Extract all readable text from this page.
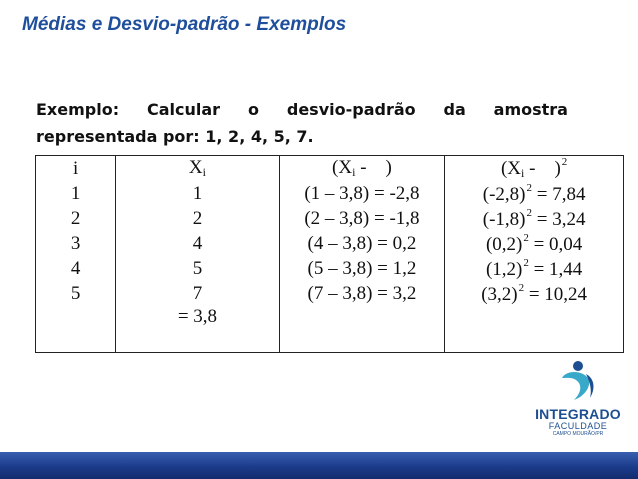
Médias e Desvio-padrão - Exemplos
Exemplo: Calcular o desvio-padrão da amostra
representada por: 1, 2, 4, 5, 7.
i	Xi	(Xi -    )	(Xi -    )$^2$
1	1	(1 – 3,8) = -2,8	$(-2,8)^2 = 7,84$
2	2	(2 – 3,8) = -1,8	$(-1,8)^2 = 3,24$
3	4	(4 – 3,8) = 0,2	$(0,2)^2 = 0,04$
4	5	(5 – 3,8) = 1,2	$(1,2)^2 = 1,44$
5	7	(7 – 3,8) = 3,2	$(3,2)^2 = 10,24$
	= 3,8		
INTEGRADO
FACULDADE
CAMPO MOURÃO/PR
